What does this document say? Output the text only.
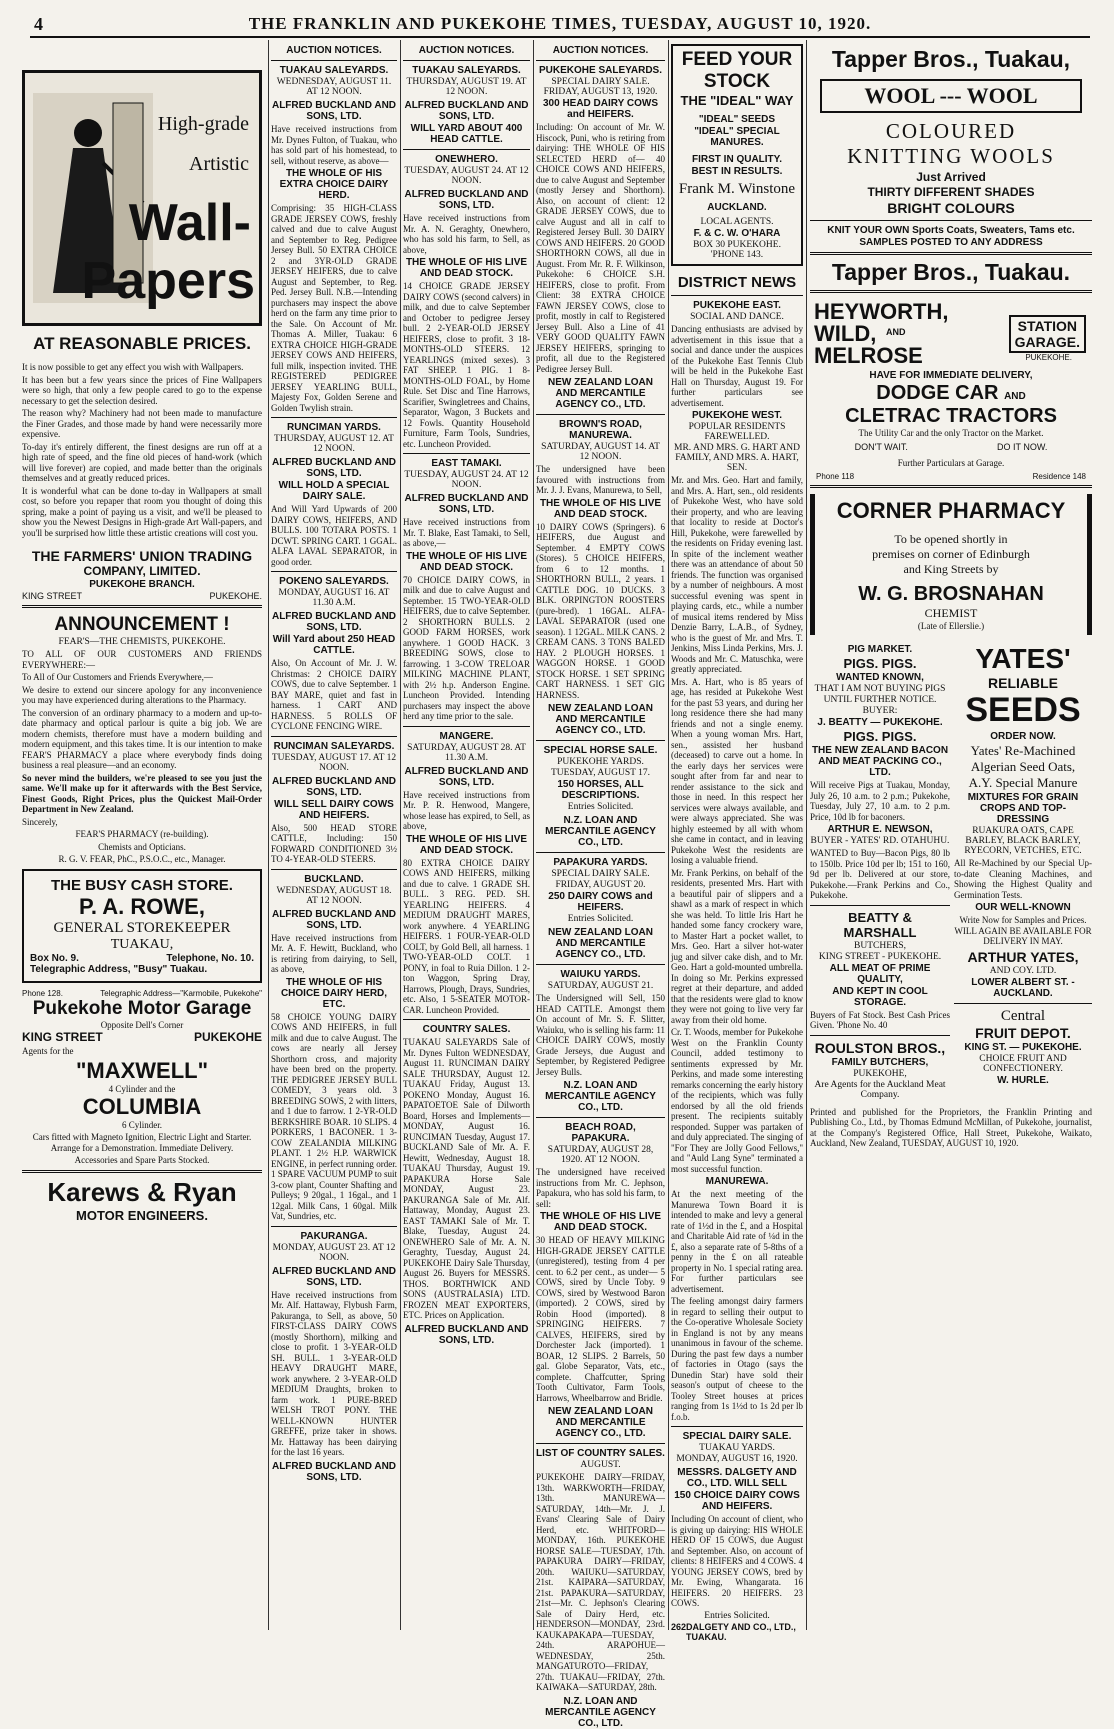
4	THE FRANKLIN AND PUKEKOHE TIMES, TUESDAY, AUGUST 10, 1920.
High-grade
Artistic
Wall-
Papers
AT REASONABLE PRICES.

It is now possible to get any effect you wish with Wallpapers.

It has been but a few years since the prices of Fine Wallpapers were so high, that only a few people cared to go to the expense necessary to get the selection desired.

The reason why? Machinery had not been made to manufacture the Finer Grades, and those made by hand were necessarily more expensive.

To-day it's entirely different, the finest designs are run off at a high rate of speed, and the fine old pieces of hand-work (which will live forever) are copied, and made better than the originals themselves and at greatly reduced prices.

It is wonderful what can be done to-day in Wallpapers at small cost, so before you repaper that room you thought of doing this spring, make a point of paying us a visit, and we'll be pleased to show you the Newest Designs in High-grade Art Wall-papers, and you'll be surprised how little these artistic creations will cost you.

THE FARMERS' UNION TRADING
COMPANY, LIMITED.
PUKEKOHE BRANCH.
KING STREET	PUKEKOHE.
ANNOUNCEMENT !
FEAR'S—THE CHEMISTS, PUKEKOHE.

TO ALL OF OUR CUSTOMERS AND FRIENDS EVERYWHERE:—

To All of Our Customers and Friends Everywhere,—

We desire to extend our sincere apology for any inconvenience you may have experienced during alterations to the Pharmacy.

The conversion of an ordinary pharmacy to a modern and up-to-date pharmacy and optical parlour is quite a big job. We are modern chemists, therefore must have a modern building and modern equipment, and this takes time. It is our intention to make FEAR'S PHARMACY a place where everybody finds doing business a real pleasure—and an economy.

So never mind the builders, we're pleased to see you just the same. We'll make up for it afterwards with the Best Service, Finest Goods, Right Prices, plus the Quickest Mail-Order Department in New Zealand.

Sincerely,

FEAR'S PHARMACY (re-building).

Chemists and Opticians.

R. G. V. FEAR, PhC., P.S.O.C., etc., Manager.

THE BUSY CASH STORE.
P. A. ROWE,
GENERAL STOREKEEPER
TUAKAU,
Box No. 9.	Telephone, No. 10.
Telegraphic Address, "Busy" Tuakau.
Phone 128.	Telegraphic Address—"Karmobile, Pukekohe"
Pukekohe Motor Garage
Opposite Dell's Corner
KING STREET	PUKEKOHE
Agents for the
"MAXWELL"
4 Cylinder and the
COLUMBIA
6 Cylinder.

Cars fitted with Magneto Ignition, Electric Light and Starter. Arrange for a Demonstration. Immediate Delivery.

Accessories and Spare Parts Stocked.

Karews & Ryan
MOTOR ENGINEERS.
AUCTION NOTICES.
TUAKAU SALEYARDS.
WEDNESDAY, AUGUST 11. AT 12 NOON.
ALFRED BUCKLAND AND SONS, LTD.

Have received instructions from Mr. Dynes Fulton, of Tuakau, who has sold part of his homestead, to sell, without reserve, as above—

THE WHOLE OF HIS EXTRA CHOICE DAIRY HERD.

Comprising: 35 HIGH-CLASS GRADE JERSEY COWS, freshly calved and due to calve August and September to Reg. Pedigree Jersey Bull. 50 EXTRA CHOICE 2 and 3YR-OLD GRADE JERSEY HEIFERS, due to calve August and September, to Reg. Ped. Jersey Bull. N.B.—Intending purchasers may inspect the above herd on the farm any time prior to the Sale. On Account of Mr. Thomas A. Miller, Tuakau: 6 EXTRA CHOICE HIGH-GRADE JERSEY COWS AND HEIFERS, full milk, inspection invited. THE REGISTERED PEDIGREE JERSEY YEARLING BULL, Majesty Fox, Golden Serene and Golden Twylish strain.

RUNCIMAN YARDS.
THURSDAY, AUGUST 12. AT 12 NOON.
ALFRED BUCKLAND AND SONS, LTD.
WILL HOLD A SPECIAL DAIRY SALE.

And Will Yard Upwards of 200 DAIRY COWS, HEIFERS, AND BULLS. 100 TOTARA POSTS. 1 DCWT. SPRING CART. 1 GGAL. ALFA LAVAL SEPARATOR, in good order.

POKENO SALEYARDS.
MONDAY, AUGUST 16. AT 11.30 A.M.
ALFRED BUCKLAND AND SONS, LTD.
Will Yard about 250 HEAD CATTLE.

Also, On Account of Mr. J. W. Christmas: 2 CHOICE DAIRY COWS, due to calve September. 1 BAY MARE, quiet and fast in harness. 1 CART AND HARNESS. 5 ROLLS OF CYCLONE FENCING WIRE.

RUNCIMAN SALEYARDS.
TUESDAY, AUGUST 17. AT 12 NOON.
ALFRED BUCKLAND AND SONS, LTD.
WILL SELL DAIRY COWS AND HEIFERS.

Also, 500 HEAD STORE CATTLE, Including: 150 FORWARD CONDITIONED 3½ TO 4-YEAR-OLD STEERS.

BUCKLAND.
WEDNESDAY, AUGUST 18. AT 12 NOON.
ALFRED BUCKLAND AND SONS, LTD.

Have received instructions from Mr. A. F. Hewitt, Buckland, who is retiring from dairying, to Sell, as above,

THE WHOLE OF HIS CHOICE DAIRY HERD, ETC.

58 CHOICE YOUNG DAIRY COWS AND HEIFERS, in full milk and due to calve August. The cows are nearly all Jersey Shorthorn cross, and majority have been bred on the property. THE PEDIGREE JERSEY BULL COMEDY, 3 years old. 3 BREEDING SOWS, 2 with litters, and 1 due to farrow. 1 2-YR-OLD BERKSHIRE BOAR. 10 SLIPS. 4 PORKERS, 1 BACONER. 1 3-COW ZEALANDIA MILKING PLANT. 1 2½ H.P. WARWICK ENGINE, in perfect running order. 1 SPARE VACUUM PUMP to suit 3-cow plant, Counter Shafting and Pulleys; 9 20gal., 1 16gal., and 1 12gal. Milk Cans, 1 60gal. Milk Vat, Sundries, etc.

PAKURANGA.
MONDAY, AUGUST 23. AT 12 NOON.
ALFRED BUCKLAND AND SONS, LTD.

Have received instructions from Mr. Alf. Hattaway, Flybush Farm, Pakuranga, to Sell, as above, 50 FIRST-CLASS DAIRY COWS (mostly Shorthorn), milking and close to profit. 1 3-YEAR-OLD SH. BULL. 1 3-YEAR-OLD HEAVY DRAUGHT MARE, work anywhere. 2 3-YEAR-OLD MEDIUM Draughts, broken to farm work. 1 PURE-BRED WELSH TROT PONY. THE WELL-KNOWN HUNTER GREFFE, prize taker in shows. Mr. Hattaway has been dairying for the last 16 years.

ALFRED BUCKLAND AND SONS, LTD.
AUCTION NOTICES.
TUAKAU SALEYARDS.
THURSDAY, AUGUST 19. AT 12 NOON.
ALFRED BUCKLAND AND SONS, LTD.
WILL YARD ABOUT 400 HEAD CATTLE.
ONEWHERO.
TUESDAY, AUGUST 24. AT 12 NOON.
ALFRED BUCKLAND AND SONS, LTD.

Have received instructions from Mr. A. N. Geraghty, Onewhero, who has sold his farm, to Sell, as above,

THE WHOLE OF HIS LIVE AND DEAD STOCK.

14 CHOICE GRADE JERSEY DAIRY COWS (second calvers) in milk, and due to calve September and October to pedigree Jersey bull. 2 2-YEAR-OLD JERSEY HEIFERS, close to profit. 3 18-MONTHS-OLD STEERS. 12 YEARLINGS (mixed sexes). 3 FAT SHEEP. 1 PIG. 1 8-MONTHS-OLD FOAL, by Home Rule. Set Disc and Tine Harrows, Scarifier, Swingletrees and Chains, Separator, Wagon, 3 Buckets and 12 Fowls. Quantity Household Furniture, Farm Tools, Sundries, etc. Luncheon Provided.

EAST TAMAKI.
TUESDAY, AUGUST 24. AT 12 NOON.
ALFRED BUCKLAND AND SONS, LTD.

Have received instructions from Mr. T. Blake, East Tamaki, to Sell, as above,—

THE WHOLE OF HIS LIVE AND DEAD STOCK.

70 CHOICE DAIRY COWS, in milk and due to calve August and September. 15 TWO-YEAR-OLD HEIFERS, due to calve September. 2 SHORTHORN BULLS. 2 GOOD FARM HORSES, work anywhere. 1 GOOD HACK. 3 BREEDING SOWS, close to farrowing. 1 3-COW TRELOAR MILKING MACHINE PLANT, with 2½ h.p. Anderson Engine. Luncheon Provided. Intending purchasers may inspect the above herd any time prior to the sale.

MANGERE.
SATURDAY, AUGUST 28. AT 11.30 A.M.
ALFRED BUCKLAND AND SONS, LTD.

Have received instructions from Mr. P. R. Henwood, Mangere, whose lease has expired, to Sell, as above,

THE WHOLE OF HIS LIVE AND DEAD STOCK.

80 EXTRA CHOICE DAIRY COWS AND HEIFERS, milking and due to calve. 1 GRADE SH. BULL. 3 REG. PED. SH. YEARLING HEIFERS. 4 MEDIUM DRAUGHT MARES, work anywhere. 4 YEARLING HEIFERS. 1 FOUR-YEAR-OLD COLT, by Gold Bell, all harness. 1 TWO-YEAR-OLD COLT. 1 PONY, in foal to Ruia Dillon. 1 2-ton Waggon, Spring Dray, Harrows, Plough, Drays, Sundries, etc. Also, 1 5-SEATER MOTOR-CAR. Luncheon Provided.

COUNTRY SALES.

TUAKAU SALEYARDS Sale of Mr. Dynes Fulton WEDNESDAY, August 11. RUNCIMAN DAIRY SALE THURSDAY, August 12. TUAKAU Friday, August 13. POKENO Monday, August 16. PAPATOETOE Sale of Dilworth Board, Horses and Implements—MONDAY, August 16. RUNCIMAN Tuesday, August 17. BUCKLAND Sale of Mr. A. F. Hewitt, Wednesday, August 18. TUAKAU Thursday, August 19. PAPAKURA Horse Sale MONDAY, August 23. PAKURANGA Sale of Mr. Alf. Hattaway, Monday, August 23. EAST TAMAKI Sale of Mr. T. Blake, Tuesday, August 24. ONEWHERO Sale of Mr. A. N. Geraghty, Tuesday, August 24. PUKEKOHE Dairy Sale Thursday, August 26. Buyers for MESSRS. THOS. BORTHWICK AND SONS (AUSTRALASIA) LTD. FROZEN MEAT EXPORTERS, ETC. Prices on Application.

ALFRED BUCKLAND AND SONS, LTD.
AUCTION NOTICES.
PUKEKOHE SALEYARDS.
SPECIAL DAIRY SALE. FRIDAY, AUGUST 13, 1920.
300 HEAD DAIRY COWS and HEIFERS.

Including: On account of Mr. W. Hiscock, Puni, who is retiring from dairying: THE WHOLE OF HIS SELECTED HERD of— 40 CHOICE COWS AND HEIFERS, due to calve August and September (mostly Jersey and Shorthorn). Also, on account of client: 12 GRADE JERSEY COWS, due to calve August and all in calf to Registered Jersey Bull. 30 DAIRY COWS AND HEIFERS. 20 GOOD SHORTHORN COWS, all due in August. From Mr. R. F. Wilkinson, Pukekohe: 6 CHOICE S.H. HEIFERS, close to profit. From Client: 38 EXTRA CHOICE FAWN JERSEY COWS, close to profit, mostly in calf to Registered Jersey Bull. Also a Line of 41 VERY GOOD QUALITY FAWN JERSEY HEIFERS, springing to profit, all due to the Registered Pedigree Jersey Bull.

NEW ZEALAND LOAN AND MERCANTILE AGENCY CO., LTD.
BROWN'S ROAD, MANUREWA.
SATURDAY, AUGUST 14. AT 12 NOON.

The undersigned have been favoured with instructions from Mr. J. J. Evans, Manurewa, to Sell,

THE WHOLE OF HIS LIVE AND DEAD STOCK.

10 DAIRY COWS (Springers). 6 HEIFERS, due August and September. 4 EMPTY COWS (Stores). 5 CHOICE HEIFERS, from 6 to 12 months. 1 SHORTHORN BULL, 2 years. 1 CATTLE DOG. 10 DUCKS. 3 BLK. ORPINGTON ROOSTERS (pure-bred). 1 16GAL. ALFA-LAVAL SEPARATOR (used one season). 1 12GAL. MILK CANS. 2 CREAM CANS. 3 TONS BALED HAY. 2 PLOUGH HORSES. 1 WAGGON HORSE. 1 GOOD STOCK HORSE. 1 SET SPRING CART HARNESS. 1 SET GIG HARNESS.

NEW ZEALAND LOAN AND MERCANTILE AGENCY CO., LTD.
SPECIAL HORSE SALE.
PUKEKOHE YARDS.
TUESDAY, AUGUST 17.
150 HORSES, ALL DESCRIPTIONS.
Entries Solicited.
N.Z. LOAN AND MERCANTILE AGENCY CO., LTD.
PAPAKURA YARDS.
SPECIAL DAIRY SALE.
FRIDAY, AUGUST 20.
250 DAIRY COWS and HEIFERS.
Entries Solicited.
NEW ZEALAND LOAN AND MERCANTILE AGENCY CO., LTD.
WAIUKU YARDS.
SATURDAY, AUGUST 21.

The Undersigned will Sell, 150 HEAD CATTLE. Amongst them On account of Mr. S. F. Slitter, Waiuku, who is selling his farm: 11 CHOICE DAIRY COWS, mostly Grade Jerseys, due August and September, by Registered Pedigree Jersey Bulls.

N.Z. LOAN AND MERCANTILE AGENCY CO., LTD.
BEACH ROAD, PAPAKURA.
SATURDAY, AUGUST 28, 1920. AT 12 NOON.

The undersigned have received instructions from Mr. C. Jephson, Papakura, who has sold his farm, to sell:

THE WHOLE OF HIS LIVE AND DEAD STOCK.

30 HEAD OF HEAVY MILKING HIGH-GRADE JERSEY CATTLE (unregistered), testing from 4 per cent. to 6.2 per cent., as under— 5 COWS, sired by Uncle Toby. 9 COWS, sired by Westwood Baron (imported). 2 COWS, sired by Robin Hood (imported). 8 SPRINGING HEIFERS. 7 CALVES, HEIFERS, sired by Dorchester Jack (imported). 1 BOAR, 12 SLIPS. 2 Barrels, 50 gal. Globe Separator, Vats, etc., complete. Chaffcutter, Spring Tooth Cultivator, Farm Tools, Harrows, Wheelbarrow and Bridle.

NEW ZEALAND LOAN AND MERCANTILE AGENCY CO., LTD.
LIST OF COUNTRY SALES.
AUGUST.

PUKEKOHE DAIRY—FRIDAY, 13th. WARKWORTH—FRIDAY, 13th. MANUREWA—SATURDAY, 14th—Mr. J. J. Evans' Clearing Sale of Dairy Herd, etc. WHITFORD—MONDAY, 16th. PUKEKOHE HORSE SALE—TUESDAY, 17th. PAPAKURA DAIRY—FRIDAY, 20th. WAIUKU—SATURDAY, 21st. KAIPARA—SATURDAY, 21st. PAPAKURA—SATURDAY, 21st—Mr. C. Jephson's Clearing Sale of Dairy Herd, etc. HENDERSON—MONDAY, 23rd. KAUKAPAKAPA—TUESDAY, 24th. ARAPOHUE—WEDNESDAY, 25th. MANGATUROTO—FRIDAY, 27th. TUAKAU—FRIDAY, 27th. KAIWAKA—SATURDAY, 28th.

N.Z. LOAN AND MERCANTILE AGENCY CO., LTD.
FEED YOUR
STOCK
THE "IDEAL" WAY
"IDEAL" SEEDS
"IDEAL" SPECIAL MANURES.
FIRST IN QUALITY.
BEST IN RESULTS.
Frank M. Winstone
AUCKLAND.
LOCAL AGENTS.
F. & C. W. O'HARA
BOX 30 PUKEKOHE. 'PHONE 143.
DISTRICT NEWS
PUKEKOHE EAST.
SOCIAL AND DANCE.

Dancing enthusiasts are advised by advertisement in this issue that a social and dance under the auspices of the Pukekohe East Tennis Club will be held in the Pukekohe East Hall on Thursday, August 19. For further particulars see advertisement.

PUKEKOHE WEST.
POPULAR RESIDENTS FAREWELLED.
MR. AND MRS. G. HART AND FAMILY, AND MRS. A. HART, SEN.

Mr. and Mrs. Geo. Hart and family, and Mrs. A. Hart, sen., old residents of Pukekohe West, who have sold their property, and who are leaving that locality to reside at Doctor's Hill, Pukekohe, were farewelled by the residents on Friday evening last. In spite of the inclement weather there was an attendance of about 50 friends. The function was organised by a number of neighbours. A most successful evening was spent in playing cards, etc., while a number of musical items rendered by Miss Denzie Barry, L.A.B., of Sydney, who is the guest of Mr. and Mrs. T. Jenkins, Miss Linda Perkins, Mrs. J. Woods and Mr. C. Matuschka, were greatly appreciated.

Mrs. A. Hart, who is 85 years of age, has resided at Pukekohe West for the past 53 years, and during her long residence there she had many friends and not a single enemy. When a young woman Mrs. Hart, sen., assisted her husband (deceased) to carve out a home. In the early days her services were sought after from far and near to render assistance to the sick and those in need. In this respect her services were always available, and were always appreciated. She was highly esteemed by all with whom she came in contact, and in leaving Pukekohe West the residents are losing a valuable friend.

Mr. Frank Perkins, on behalf of the residents, presented Mrs. Hart with a beautiful pair of slippers and a shawl as a mark of respect in which she was held. To little Iris Hart he handed some fancy crockery ware, to Master Hart a pocket wallet, to Mrs. Geo. Hart a silver hot-water jug and silver cake dish, and to Mr. Geo. Hart a gold-mounted umbrella. In doing so Mr. Perkins expressed regret at their departure, and added that the residents were glad to know they were not going to live very far away from their old home.

Cr. T. Woods, member for Pukekohe West on the Franklin County Council, added testimony to sentiments expressed by Mr. Perkins, and made some interesting remarks concerning the early history of the recipients, which was fully endorsed by all the old friends present. The recipients suitably responded. Supper was partaken of and duly appreciated. The singing of "For They are Jolly Good Fellows," and "Auld Lang Syne" terminated a most successful function.

MANUREWA.

At the next meeting of the Manurewa Town Board it is intended to make and levy a general rate of 1½d in the £, and a Hospital and Charitable Aid rate of ¼d in the £, also a separate rate of 5-8ths of a penny in the £ on all rateable property in No. 1 special rating area. For further particulars see advertisement.

The feeling amongst dairy farmers in regard to selling their output to the Co-operative Wholesale Society in England is not by any means unanimous in favour of the scheme. During the past few days a number of factories in Otago (says the Dunedin Star) have sold their season's output of cheese to the Tooley Street houses at prices ranging from 1s 1½d to 1s 2d per lb f.o.b.

SPECIAL DAIRY SALE.
TUAKAU YARDS.
MONDAY, AUGUST 16, 1920.
MESSRS. DALGETY AND CO., LTD. WILL SELL
150 CHOICE DAIRY COWS AND HEIFERS.

Including On account of client, who is giving up dairying: HIS WHOLE HERD OF 15 COWS, due August and September. Also, on account of clients: 8 HEIFERS and 4 COWS. 4 YOUNG JERSEY COWS, bred by Mr. Ewing, Whangarata. 16 HEIFERS. 20 HEIFERS. 23 COWS.

Entries Solicited.
262 DALGETY AND CO., LTD., TUAKAU.
Tapper Bros., Tuakau,
WOOL --- WOOL
COLOURED
KNITTING WOOLS
Just Arrived
THIRTY DIFFERENT SHADES
BRIGHT COLOURS
KNIT YOUR OWN Sports Coats, Sweaters, Tams etc.
SAMPLES POSTED TO ANY ADDRESS
Tapper Bros., Tuakau.
HEYWORTH,
WILD, AND
MELROSE
STATION
GARAGE.
PUKEKOHE.
HAVE FOR IMMEDIATE DELIVERY,
DODGE CAR AND
CLETRAC TRACTORS
The Utility Car and the only Tractor on the Market.
DON'T WAIT.	DO IT NOW.
Further Particulars at Garage.
Phone 118	Residence 148
CORNER PHARMACY
To be opened shortly in
premises on corner of Edinburgh
and King Streets by
W. G. BROSNAHAN
CHEMIST
(Late of Ellerslie.)
PIG MARKET.
PIGS. PIGS.
WANTED KNOWN,
THAT I AM NOT BUYING PIGS
UNTIL FURTHER NOTICE.
BUYER:
J. BEATTY — PUKEKOHE.
PIGS. PIGS.
THE NEW ZEALAND BACON AND MEAT PACKING CO., LTD.

Will receive Pigs at Tuakau, Monday, July 26, 10 a.m. to 2 p.m.; Pukekohe, Tuesday, July 27, 10 a.m. to 2 p.m. Price, 10d lb for baconers.

ARTHUR E. NEWSON,
BUYER - YATES' RD. OTAHUHU.

WANTED to Buy—Bacon Pigs, 80 lb to 150lb. Price 10d per lb; 151 to 160, 9d per lb. Delivered at our store, Pukekohe.—Frank Perkins and Co., Pukekohe.

BEATTY & MARSHALL
BUTCHERS,
KING STREET - PUKEKOHE.
ALL MEAT OF PRIME QUALITY,
AND KEPT IN COOL STORAGE.

Buyers of Fat Stock. Best Cash Prices Given. 'Phone No. 40

ROULSTON BROS.,
FAMILY BUTCHERS,
PUKEKOHE,
Are Agents for the Auckland Meat Company.
YATES'
RELIABLE
SEEDS
ORDER NOW.
Yates' Re-Machined
Algerian Seed Oats,
A.Y. Special Manure
MIXTURES FOR GRAIN CROPS AND TOP-DRESSING
RUAKURA OATS, CAPE BARLEY, BLACK BARLEY, RYECORN, VETCHES, ETC.

All Re-Machined by our Special Up-to-date Cleaning Machines, and Showing the Highest Quality and Germination Tests.

OUR WELL-KNOWN

Write Now for Samples and Prices. WILL AGAIN BE AVAILABLE FOR DELIVERY IN MAY.

ARTHUR YATES,
AND COY. LTD.
LOWER ALBERT ST. - AUCKLAND.
Central
FRUIT DEPOT.
KING ST. — PUKEKOHE.
CHOICE FRUIT AND CONFECTIONERY.
W. HURLE.

Printed and published for the Proprietors, the Franklin Printing and Publishing Co., Ltd., by Thomas Edmund McMillan, of Pukekohe, journalist, at the Company's Registered Office, Hall Street, Pukekohe, Waikato, Auckland, New Zealand, TUESDAY, AUGUST 10, 1920.
